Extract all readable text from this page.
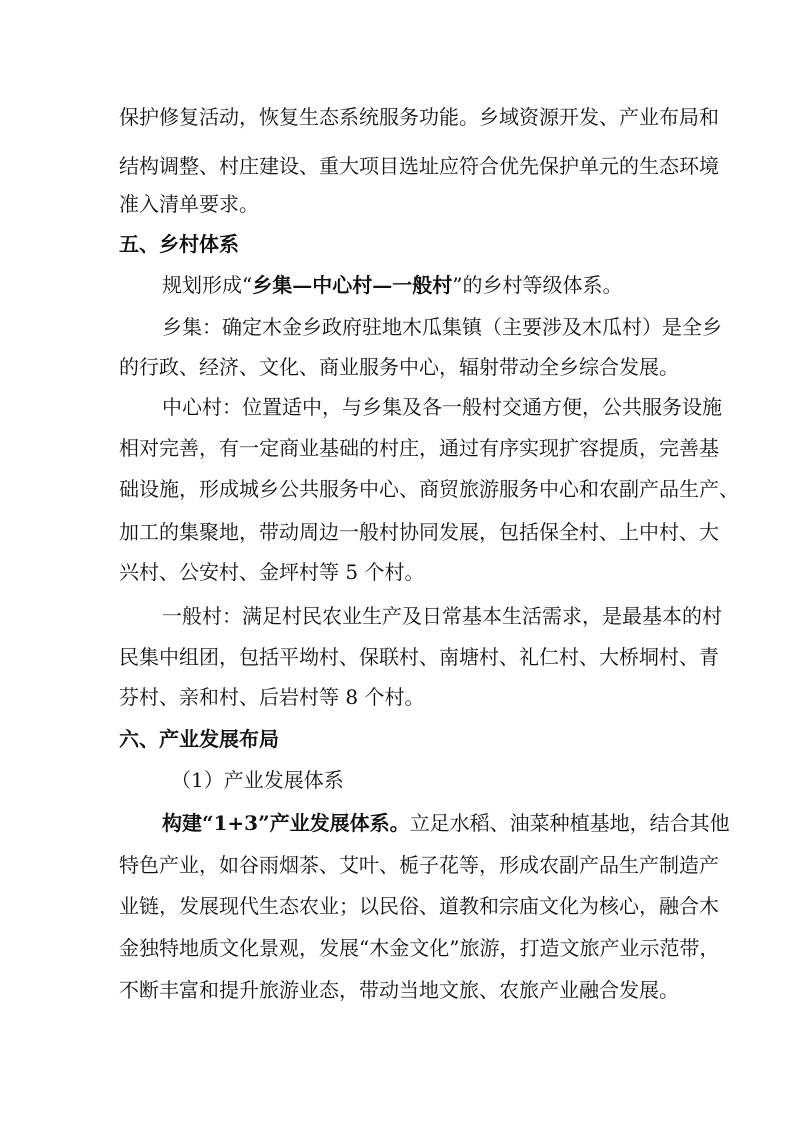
保护修复活动，恢复生态系统服务功能。乡域资源开发、产业布局和
结构调整、村庄建设、重大项目选址应符合优先保护单元的生态环境
准入清单要求。
五、乡村体系
规划形成“乡集—中心村—一般村”的乡村等级体系。
乡集：确定木金乡政府驻地木瓜集镇（主要涉及木瓜村）是全乡
的行政、经济、文化、商业服务中心，辐射带动全乡综合发展。
中心村：位置适中，与乡集及各一般村交通方便，公共服务设施
相对完善，有一定商业基础的村庄，通过有序实现扩容提质，完善基
础设施，形成城乡公共服务中心、商贸旅游服务中心和农副产品生产、
加工的集聚地，带动周边一般村协同发展，包括保全村、上中村、大
兴村、公安村、金坪村等 5 个村。
一般村：满足村民农业生产及日常基本生活需求，是最基本的村
民集中组团，包括平坳村、保联村、南塘村、礼仁村、大桥垌村、青
芬村、亲和村、后岩村等 8 个村。
六、产业发展布局
（1）产业发展体系
构建“1+3”产业发展体系。立足水稻、油菜种植基地，结合其他
特色产业，如谷雨烟茶、艾叶、栀子花等，形成农副产品生产制造产
业链，发展现代生态农业；以民俗、道教和宗庙文化为核心，融合木
金独特地质文化景观，发展“木金文化”旅游，打造文旅产业示范带，
不断丰富和提升旅游业态，带动当地文旅、农旅产业融合发展。
